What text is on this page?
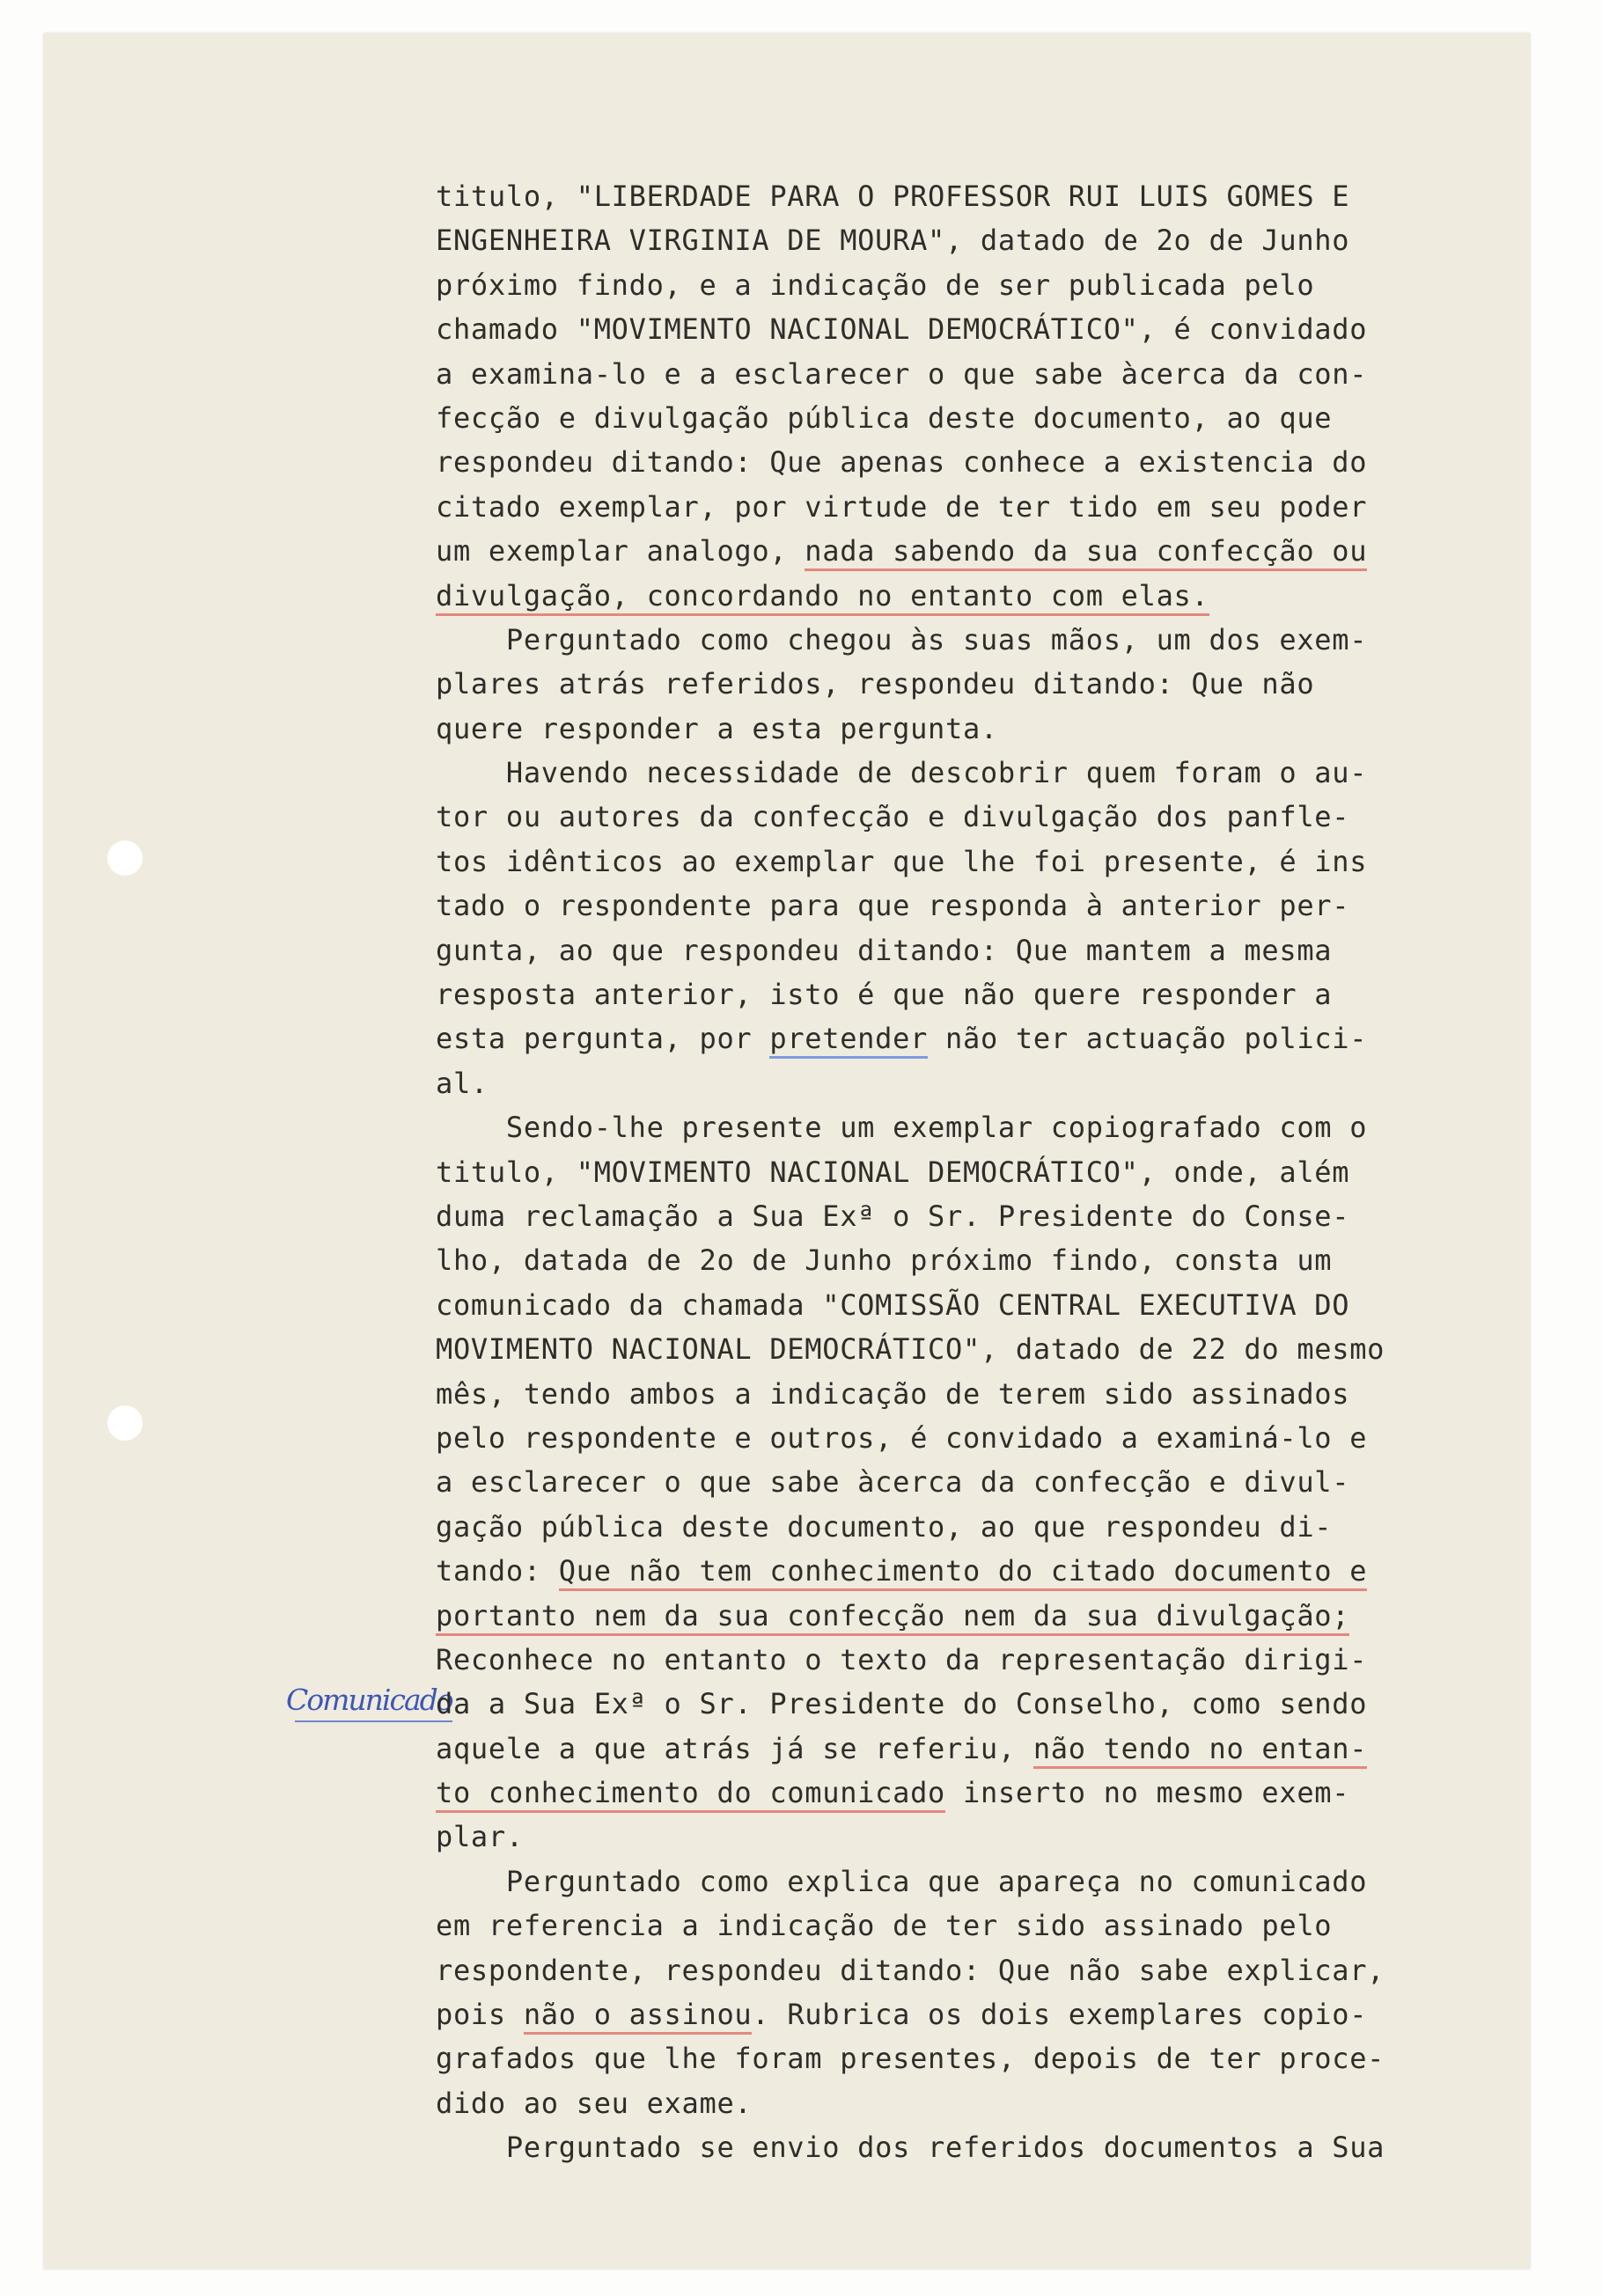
Comunicado

titulo, "LIBERDADE PARA O PROFESSOR RUI LUIS GOMES E
ENGENHEIRA VIRGINIA DE MOURA", datado de 2o de Junho
próximo findo, e a indicação de ser publicada pelo
chamado "MOVIMENTO NACIONAL DEMOCRÁTICO", é convidado
a examina-lo e a esclarecer o que sabe àcerca da con-
fecção e divulgação pública deste documento, ao que
respondeu ditando: Que apenas conhece a existencia do
citado exemplar, por virtude de ter tido em seu poder
um exemplar analogo, nada sabendo da sua confecção ou
divulgação, concordando no entanto com elas.
Perguntado como chegou às suas mãos, um dos exem-
plares atrás referidos, respondeu ditando: Que não
quere responder a esta pergunta.
Havendo necessidade de descobrir quem foram o au-
tor ou autores da confecção e divulgação dos panfle-
tos idênticos ao exemplar que lhe foi presente, é ins
tado o respondente para que responda à anterior per-
gunta, ao que respondeu ditando: Que mantem a mesma
resposta anterior, isto é que não quere responder a
esta pergunta, por pretender não ter actuação polici-
al.
Sendo-lhe presente um exemplar copiografado com o
titulo, "MOVIMENTO NACIONAL DEMOCRÁTICO", onde, além
duma reclamação a Sua Exª o Sr. Presidente do Conse-
lho, datada de 2o de Junho próximo findo, consta um
comunicado da chamada "COMISSÃO CENTRAL EXECUTIVA DO
MOVIMENTO NACIONAL DEMOCRÁTICO", datado de 22 do mesmo
mês, tendo ambos a indicação de terem sido assinados
pelo respondente e outros, é convidado a examiná-lo e
a esclarecer o que sabe àcerca da confecção e divul-
gação pública deste documento, ao que respondeu di-
tando: Que não tem conhecimento do citado documento e
portanto nem da sua confecção nem da sua divulgação;
Reconhece no entanto o texto da representação dirigi-
da a Sua Exª o Sr. Presidente do Conselho, como sendo
aquele a que atrás já se referiu, não tendo no entan-
to conhecimento do comunicado inserto no mesmo exem-
plar.
Perguntado como explica que apareça no comunicado
em referencia a indicação de ter sido assinado pelo
respondente, respondeu ditando: Que não sabe explicar,
pois não o assinou. Rubrica os dois exemplares copio-
grafados que lhe foram presentes, depois de ter proce-
dido ao seu exame.
Perguntado se envio dos referidos documentos a Sua
